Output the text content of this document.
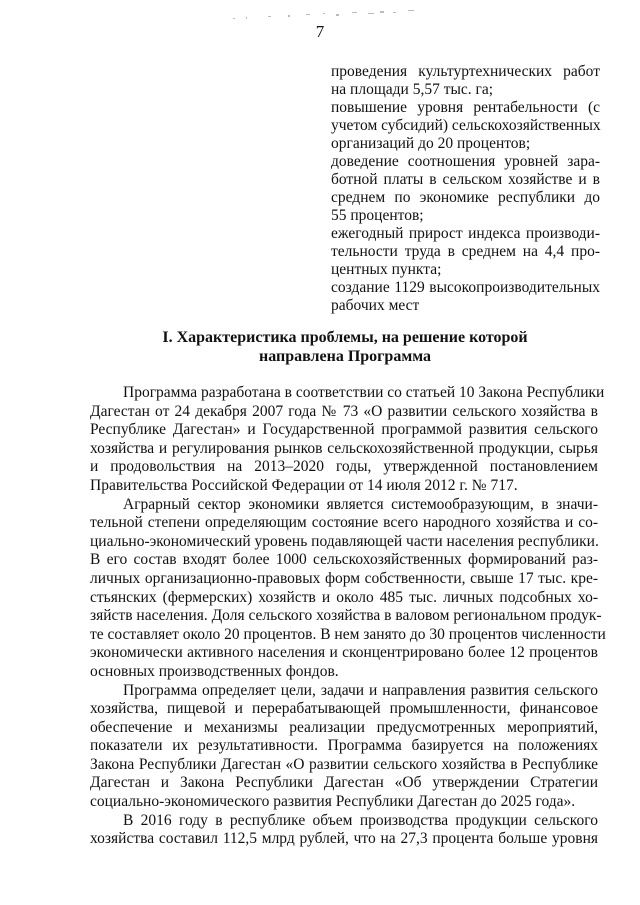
7
проведения культуртехнических работ
на площади 5,57 тыс. га;
повышение уровня рентабельности (с
учетом субсидий) сельскохозяйственных
организаций до 20 процентов;
доведение соотношения уровней зара-
ботной платы в сельском хозяйстве и в
среднем по экономике республики до
55 процентов;
ежегодный прирост индекса производи-
тельности труда в среднем на 4,4 про-
центных пункта;
создание 1129 высокопроизводительных
рабочих мест
I. Характеристика проблемы, на решение которой
направлена Программа

Программа разработана в соответствии со статьей 10 Закона Республики
Дагестан от 24 декабря 2007 года № 73 «О развитии сельского хозяйства в
Республике Дагестан» и Государственной программой развития сельского
хозяйства и регулирования рынков сельскохозяйственной продукции, сырья
и продовольствия на 2013–2020 годы, утвержденной постановлением
Правительства Российской Федерации от 14 июля 2012 г. № 717.

Аграрный сектор экономики является системообразующим, в значи-
тельной степени определяющим состояние всего народного хозяйства и со-
циально-экономический уровень подавляющей части населения республики.
В его состав входят более 1000 сельскохозяйственных формирований раз-
личных организационно-правовых форм собственности, свыше 17 тыс. кре-
стьянских (фермерских) хозяйств и около 485 тыс. личных подсобных хо-
зяйств населения. Доля сельского хозяйства в валовом региональном продук-
те составляет около 20 процентов. В нем занято до 30 процентов численности
экономически активного населения и сконцентрировано более 12 процентов
основных производственных фондов.

Программа определяет цели, задачи и направления развития сельского
хозяйства, пищевой и перерабатывающей промышленности, финансовое
обеспечение и механизмы реализации предусмотренных мероприятий,
показатели их результативности. Программа базируется на положениях
Закона Республики Дагестан «О развитии сельского хозяйства в Республике
Дагестан и Закона Республики Дагестан «Об утверждении Стратегии
социально-экономического развития Республики Дагестан до 2025 года».

В 2016 году в республике объем производства продукции сельского
хозяйства составил 112,5 млрд рублей, что на 27,3 процента больше уровня
